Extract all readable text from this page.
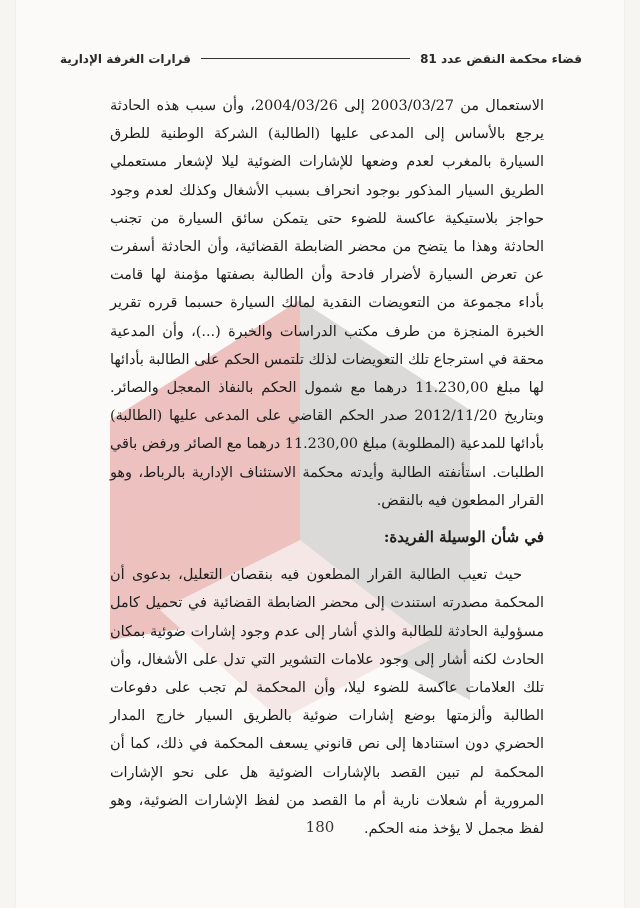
قضاء محكمة النقض عدد 81
قرارات الغرفة الإدارية

الاستعمال من 2003/03/27 إلى 2004/03/26، وأن سبب هذه الحادثة يرجع بالأساس إلى المدعى عليها (الطالبة) الشركة الوطنية للطرق السيارة بالمغرب لعدم وضعها للإشارات الضوئية ليلا لإشعار مستعملي الطريق السيار المذكور بوجود انحراف بسبب الأشغال وكذلك لعدم وجود حواجز بلاستيكية عاكسة للضوء حتى يتمكن سائق السيارة من تجنب الحادثة وهذا ما يتضح من محضر الضابطة القضائية، وأن الحادثة أسفرت عن تعرض السيارة لأضرار فادحة وأن الطالبة بصفتها مؤمنة لها قامت بأداء مجموعة من التعويضات النقدية لمالك السيارة حسبما قرره تقرير الخبرة المنجزة من طرف مكتب الدراسات والخبرة (...)، وأن المدعية محقة في استرجاع تلك التعويضات لذلك تلتمس الحكم على الطالبة بأدائها لها مبلغ 11.230,00 درهما مع شمول الحكم بالنفاذ المعجل والصائر. وبتاريخ 2012/11/20 صدر الحكم القاضي على المدعى عليها (الطالبة) بأدائها للمدعية (المطلوبة) مبلغ 11.230,00 درهما مع الصائر ورفض باقي الطلبات. استأنفته الطالبة وأيدته محكمة الاستئناف الإدارية بالرباط، وهو القرار المطعون فيه بالنقض.

في شأن الوسيلة الفريدة:

حيث تعيب الطالبة القرار المطعون فيه بنقصان التعليل، بدعوى أن المحكمة مصدرته استندت إلى محضر الضابطة القضائية في تحميل كامل مسؤولية الحادثة للطالبة والذي أشار إلى عدم وجود إشارات ضوئية بمكان الحادث لكنه أشار إلى وجود علامات التشوير التي تدل على الأشغال، وأن تلك العلامات عاكسة للضوء ليلا، وأن المحكمة لم تجب على دفوعات الطالبة وألزمتها بوضع إشارات ضوئية بالطريق السيار خارج المدار الحضري دون استنادها إلى نص قانوني يسعف المحكمة في ذلك، كما أن المحكمة لم تبين القصد بالإشارات الضوئية هل على نحو الإشارات المرورية أم شعلات نارية أم ما القصد من لفظ الإشارات الضوئية، وهو لفظ مجمل لا يؤخذ منه الحكم.

180
